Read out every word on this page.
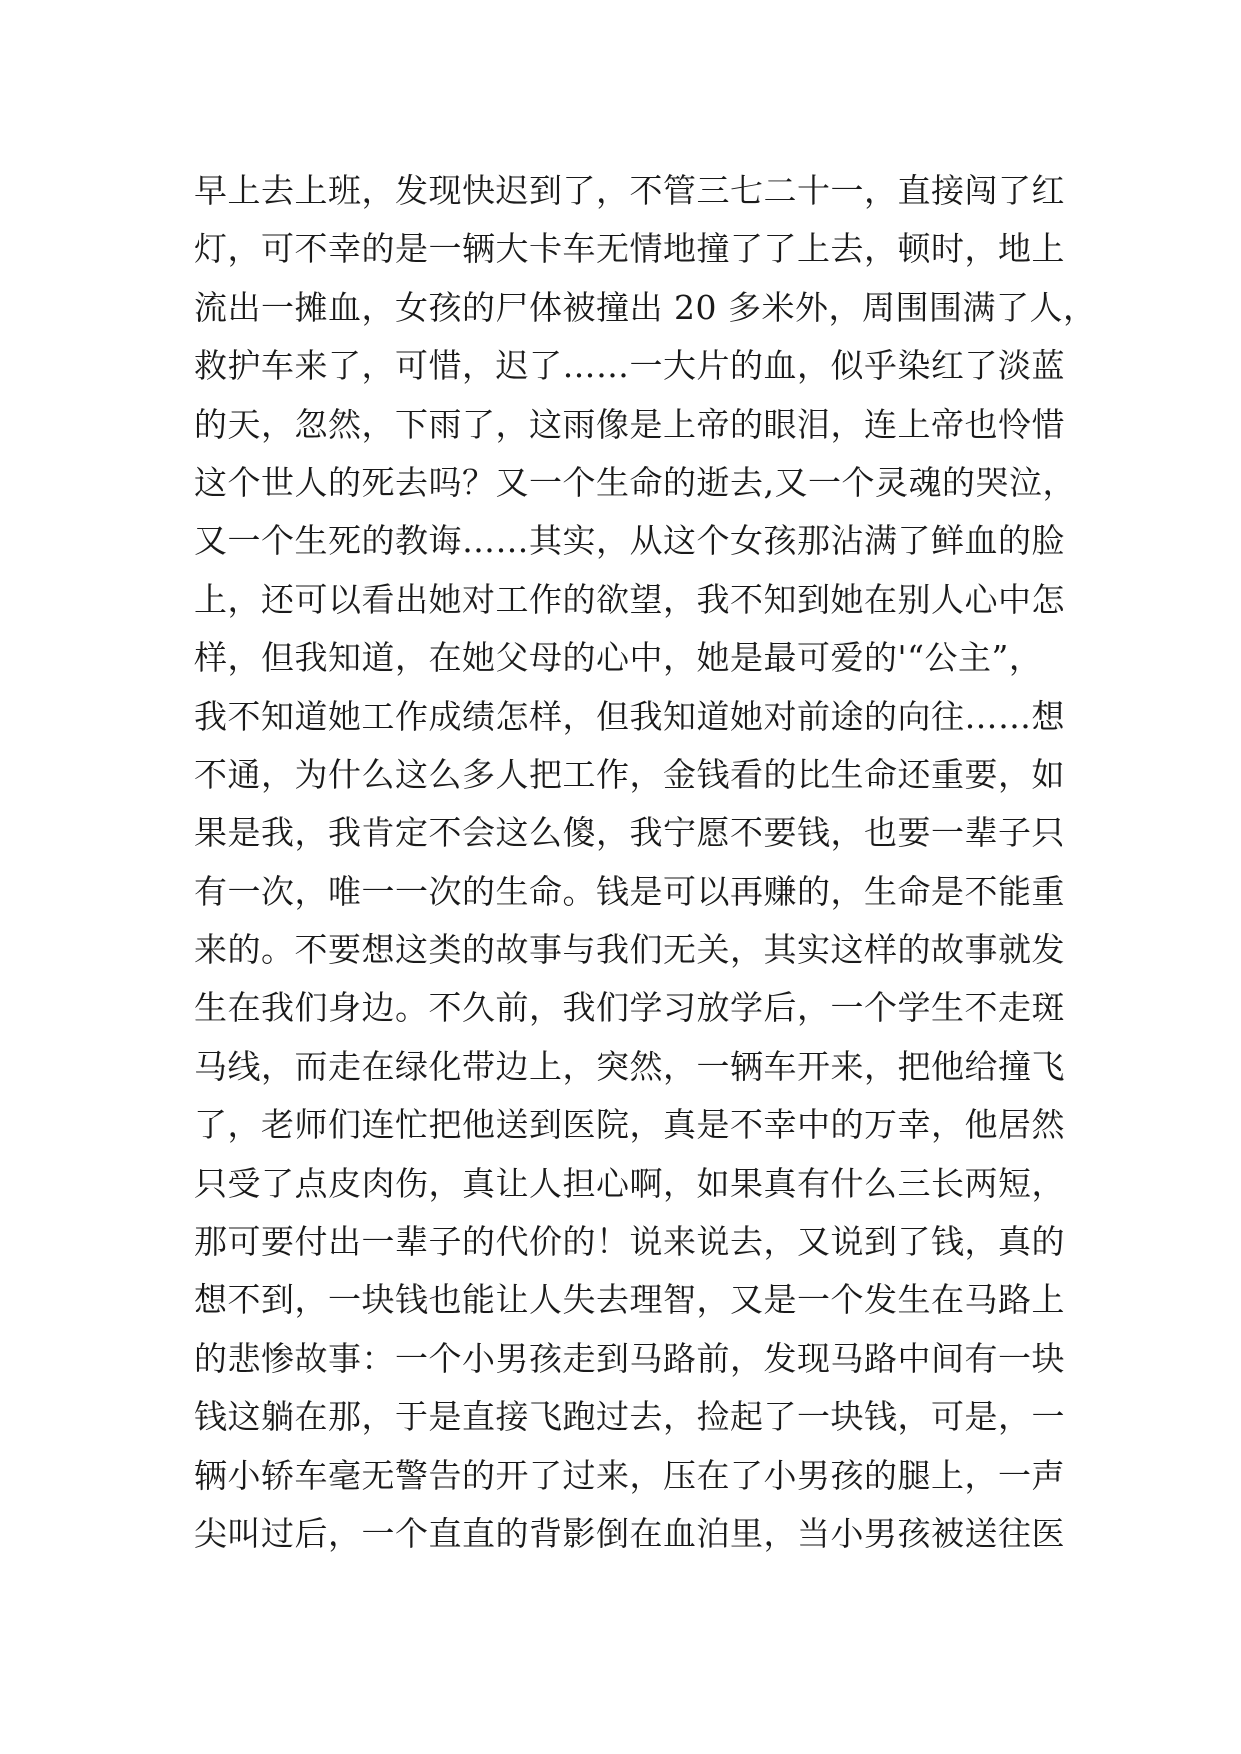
早上去上班，发现快迟到了，不管三七二十一，直接闯了红
灯，可不幸的是一辆大卡车无情地撞了了上去，顿时，地上
流出一摊血，女孩的尸体被撞出 20 多米外，周围围满了人，
救护车来了，可惜，迟了……一大片的血，似乎染红了淡蓝
的天，忽然，下雨了，这雨像是上帝的眼泪，连上帝也怜惜
这个世人的死去吗？又一个生命的逝去,又一个灵魂的哭泣，
又一个生死的教诲……其实，从这个女孩那沾满了鲜血的脸
上，还可以看出她对工作的欲望，我不知到她在别人心中怎
样，但我知道，在她父母的心中，她是最可爱的'“公主”，
我不知道她工作成绩怎样，但我知道她对前途的向往……想
不通，为什么这么多人把工作，金钱看的比生命还重要，如
果是我，我肯定不会这么傻，我宁愿不要钱，也要一辈子只
有一次，唯一一次的生命。钱是可以再赚的，生命是不能重
来的。不要想这类的故事与我们无关，其实这样的故事就发
生在我们身边。不久前，我们学习放学后，一个学生不走斑
马线，而走在绿化带边上，突然，一辆车开来，把他给撞飞
了，老师们连忙把他送到医院，真是不幸中的万幸，他居然
只受了点皮肉伤，真让人担心啊，如果真有什么三长两短，
那可要付出一辈子的代价的！说来说去，又说到了钱，真的
想不到，一块钱也能让人失去理智，又是一个发生在马路上
的悲惨故事：一个小男孩走到马路前，发现马路中间有一块
钱这躺在那，于是直接飞跑过去，捡起了一块钱，可是，一
辆小轿车毫无警告的开了过来，压在了小男孩的腿上，一声
尖叫过后，一个直直的背影倒在血泊里，当小男孩被送往医
